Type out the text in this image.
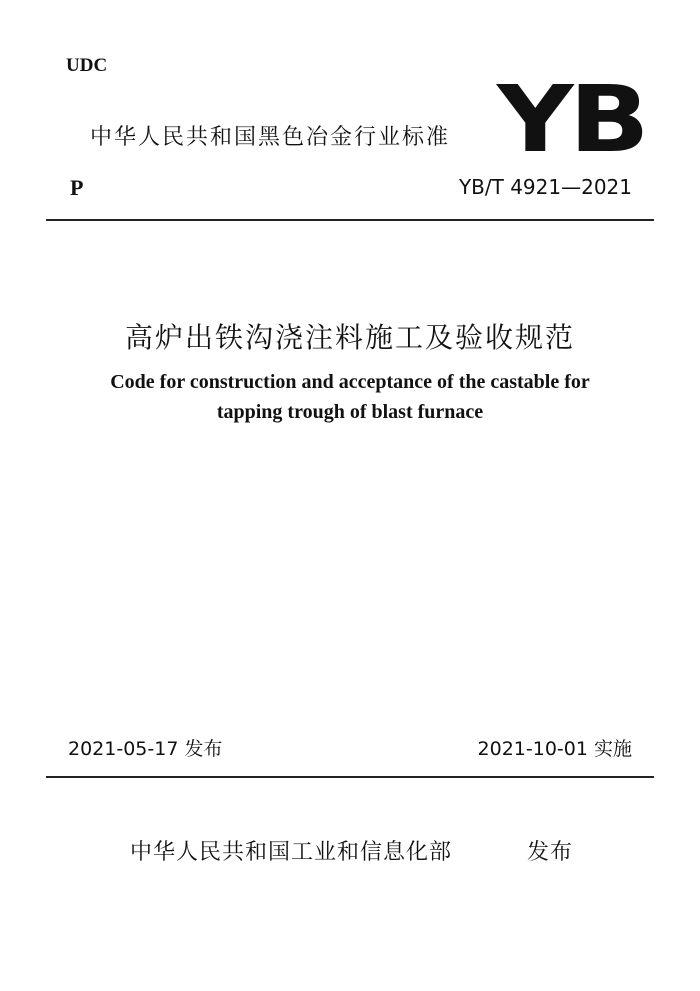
UDC
中华人民共和国黑色冶金行业标准 YB
P	YB/T 4921—2021
高炉出铁沟浇注料施工及验收规范
Code for construction and acceptance of the castable for
tapping trough of blast furnace
2021-05-17 发布	2021-10-01 实施
中华人民共和国工业和信息化部	发布
